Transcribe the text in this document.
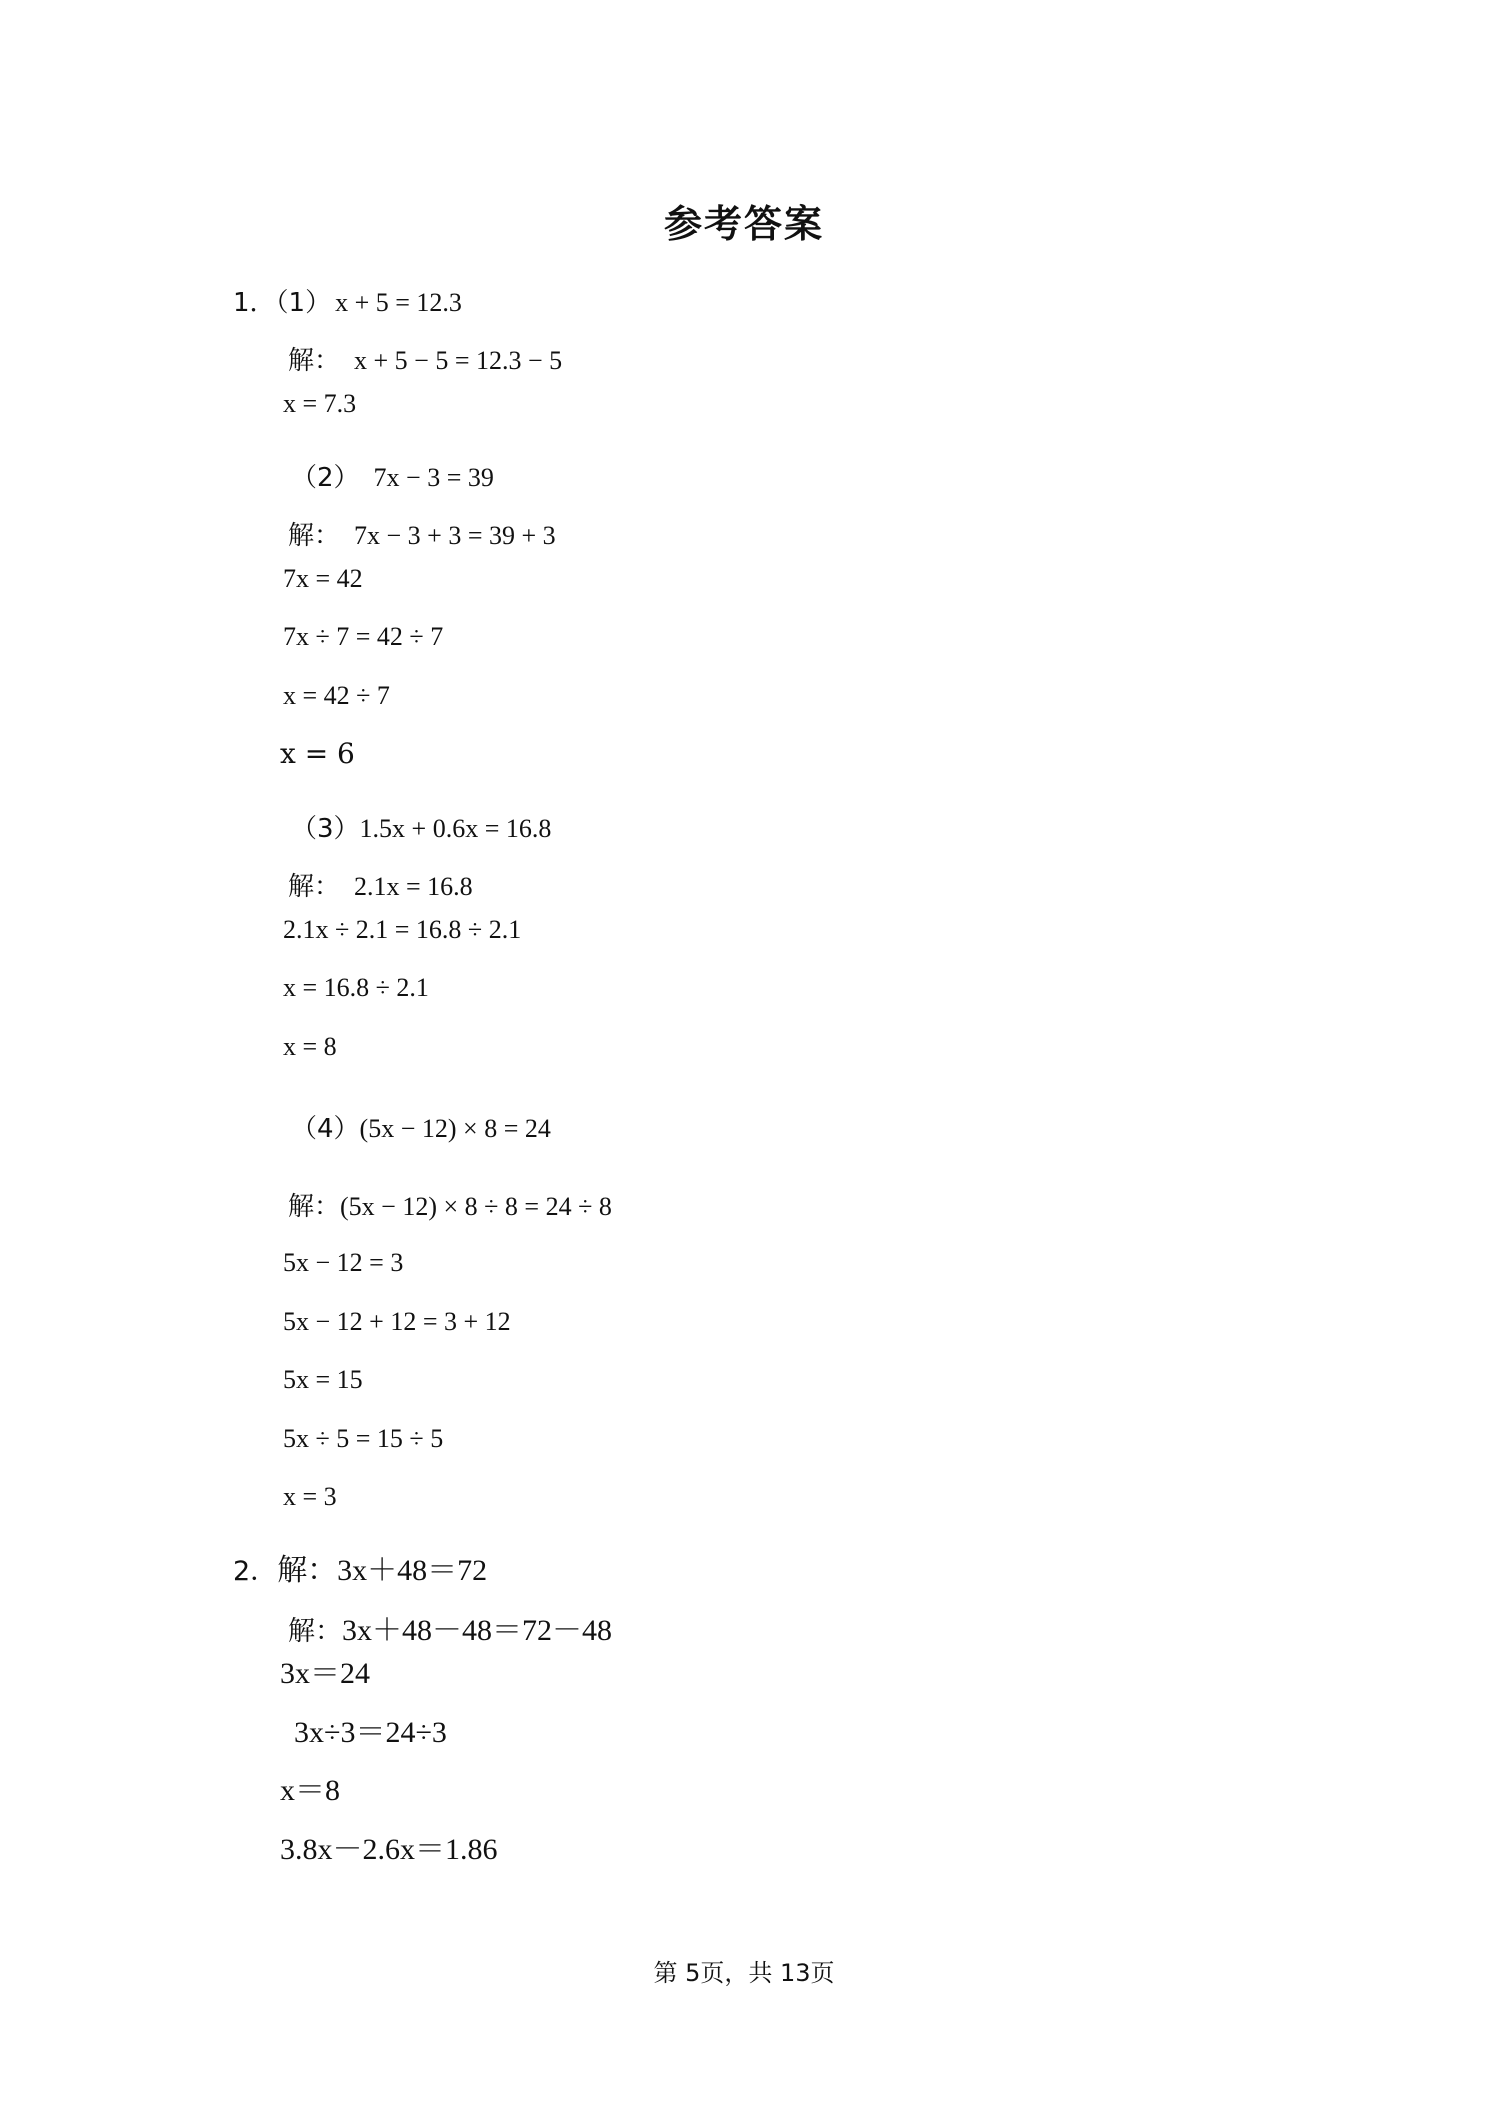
参考答案

1．（1） x + 5 = 12.3

解： x + 5 − 5 = 12.3 − 5

x = 7.3

（2） 7x − 3 = 39

解： 7x − 3 + 3 = 39 + 3

7x = 42
7x ÷ 7 = 42 ÷ 7
x = 42 ÷ 7
x = 6

（3）1.5x + 0.6x = 16.8

解： 2.1x = 16.8

2.1x ÷ 2.1 = 16.8 ÷ 2.1
x = 16.8 ÷ 2.1
x = 8

（4）(5x − 12) × 8 = 24

解：(5x − 12) × 8 ÷ 8 = 24 ÷ 8

5x − 12 = 3
5x − 12 + 12 = 3 + 12
5x = 15
5x ÷ 5 = 15 ÷ 5
x = 3

2．解：3x＋48＝72

解：3x＋48－48＝72－48

3x＝24
3x÷3＝24÷3
x＝8
3.8x－2.6x＝1.86
第 5页，共 13页
